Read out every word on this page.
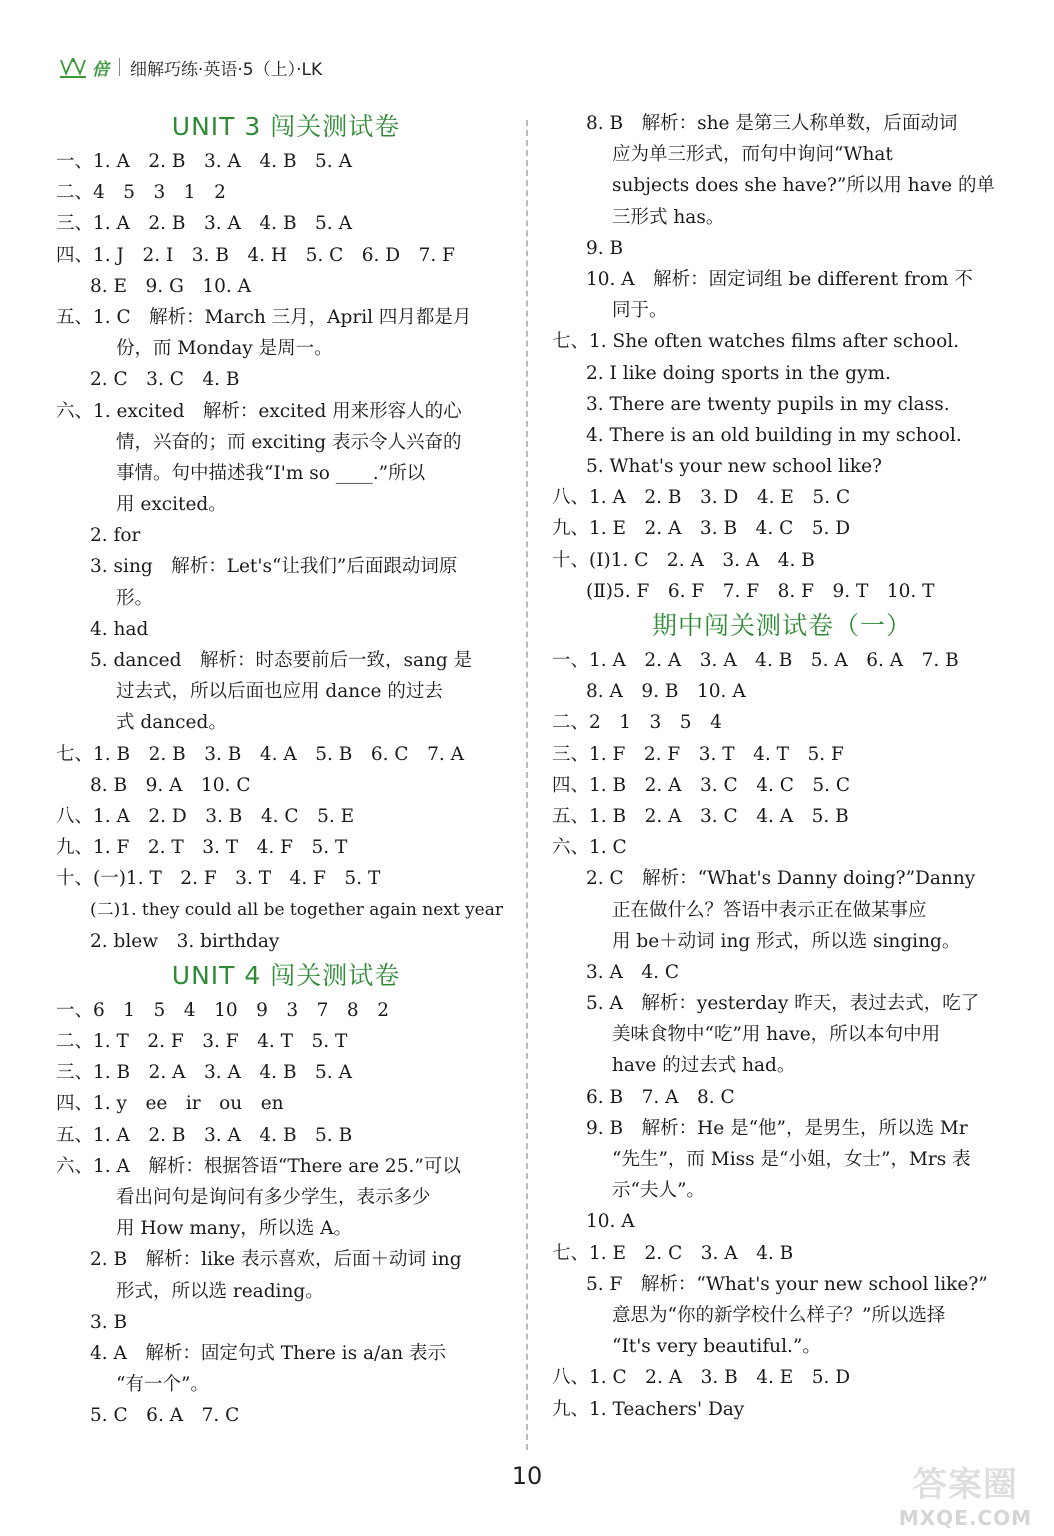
倍 细解巧练·英语·5（上）·LK
UNIT 3 闯关测试卷
一、1. A　2. B　3. A　4. B　5. A
二、4　5　3　1　2
三、1. A　2. B　3. A　4. B　5. A
四、1. J　2. I　3. B　4. H　5. C　6. D　7. F
8. E　9. G　10. A
五、1. C　解析：March 三月，April 四月都是月
份，而 Monday 是周一。
2. C　3. C　4. B
六、1. excited　解析：excited 用来形容人的心
情，兴奋的；而 exciting 表示令人兴奋的
事情。句中描述我“I'm so ____.”所以
用 excited。
2. for
3. sing　解析：Let's“让我们”后面跟动词原
形。
4. had
5. danced　解析：时态要前后一致，sang 是
过去式，所以后面也应用 dance 的过去
式 danced。
七、1. B　2. B　3. B　4. A　5. B　6. C　7. A
8. B　9. A　10. C
八、1. A　2. D　3. B　4. C　5. E
九、1. F　2. T　3. T　4. F　5. T
十、(一)1. T　2. F　3. T　4. F　5. T
(二)1. they could all be together again next year
2. blew　3. birthday
UNIT 4 闯关测试卷
一、6　1　5　4　10　9　3　7　8　2
二、1. T　2. F　3. F　4. T　5. T
三、1. B　2. A　3. A　4. B　5. A
四、1. y　ee　ir　ou　en
五、1. A　2. B　3. A　4. B　5. B
六、1. A　解析：根据答语“There are 25.”可以
看出问句是询问有多少学生，表示多少
用 How many，所以选 A。
2. B　解析：like 表示喜欢，后面＋动词 ing
形式，所以选 reading。
3. B
4. A　解析：固定句式 There is a/an 表示
“有一个”。
5. C　6. A　7. C
8. B　解析：she 是第三人称单数，后面动词
应为单三形式，而句中询问“What
subjects does she have?”所以用 have 的单
三形式 has。
9. B
10. A　解析：固定词组 be different from 不
同于。
七、1. She often watches films after school.
2. I like doing sports in the gym.
3. There are twenty pupils in my class.
4. There is an old building in my school.
5. What's your new school like?
八、1. A　2. B　3. D　4. E　5. C
九、1. E　2. A　3. B　4. C　5. D
十、(Ⅰ)1. C　2. A　3. A　4. B
(Ⅱ)5. F　6. F　7. F　8. F　9. T　10. T
期中闯关测试卷（一）
一、1. A　2. A　3. A　4. B　5. A　6. A　7. B
8. A　9. B　10. A
二、2　1　3　5　4
三、1. F　2. F　3. T　4. T　5. F
四、1. B　2. A　3. C　4. C　5. C
五、1. B　2. A　3. C　4. A　5. B
六、1. C
2. C　解析：“What's Danny doing?”Danny
正在做什么？答语中表示正在做某事应
用 be＋动词 ing 形式，所以选 singing。
3. A　4. C
5. A　解析：yesterday 昨天，表过去式，吃了
美味食物中“吃”用 have，所以本句中用
have 的过去式 had。
6. B　7. A　8. C
9. B　解析：He 是“他”，是男生，所以选 Mr
“先生”，而 Miss 是“小姐，女士”，Mrs 表
示“夫人”。
10. A
七、1. E　2. C　3. A　4. B
5. F　解析：“What's your new school like?”
意思为“你的新学校什么样子？”所以选择
“It's very beautiful.”。
八、1. C　2. A　3. B　4. E　5. D
九、1. Teachers' Day
10	答案圈
MXQE.COM
